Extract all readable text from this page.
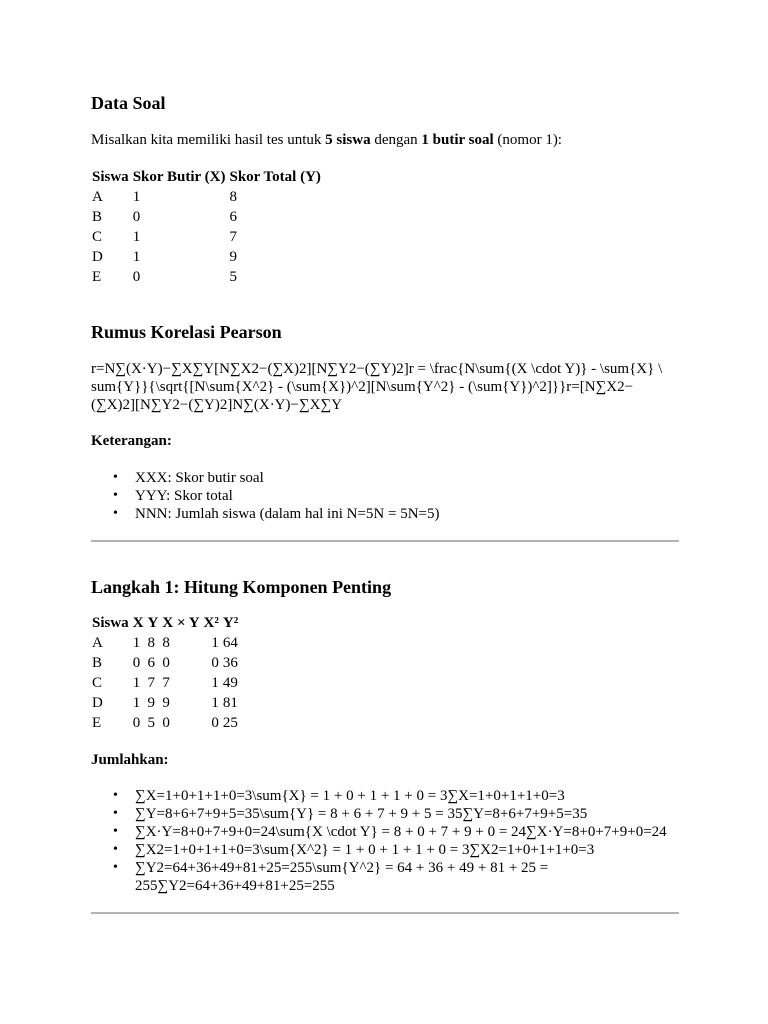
Data Soal

Misalkan kita memiliki hasil tes untuk 5 siswa dengan 1 butir soal (nomor 1):

Siswa	Skor Butir (X)	Skor Total (Y)
A	1	8
B	0	6
C	1	7
D	1	9
E	0	5
Rumus Korelasi Pearson

r=N∑(X·Y)−∑X∑Y[N∑X2−(∑X)2][N∑Y2−(∑Y)2]r = \frac{N\sum{(X \cdot Y)} - \sum{X} \ sum{Y}}{\sqrt{[N\sum{X^2} - (\sum{X})^2][N\sum{Y^2} - (\sum{Y})^2]}}r=[N∑X2−(∑X)2][N∑Y2−(∑Y)2]N∑(X·Y)−∑X∑Y

Keterangan:

• XXX: Skor butir soal
• YYY: Skor total
• NNN: Jumlah siswa (dalam hal ini N=5N = 5N=5)
Langkah 1: Hitung Komponen Penting
Siswa	X	Y	X × Y	X²	Y²
A	1	8	8	1	64
B	0	6	0	0	36
C	1	7	7	1	49
D	1	9	9	1	81
E	0	5	0	0	25

Jumlahkan:

• ∑X=1+0+1+1+0=3\sum{X} = 1 + 0 + 1 + 1 + 0 = 3∑X=1+0+1+1+0=3
• ∑Y=8+6+7+9+5=35\sum{Y} = 8 + 6 + 7 + 9 + 5 = 35∑Y=8+6+7+9+5=35
• ∑X·Y=8+0+7+9+0=24\sum{X \cdot Y} = 8 + 0 + 7 + 9 + 0 = 24∑X·Y=8+0+7+9+0=24
• ∑X2=1+0+1+1+0=3\sum{X^2} = 1 + 0 + 1 + 1 + 0 = 3∑X2=1+0+1+1+0=3
• ∑Y2=64+36+49+81+25=255\sum{Y^2} = 64 + 36 + 49 + 81 + 25 = 255∑Y2=64+36+49+81+25=255
